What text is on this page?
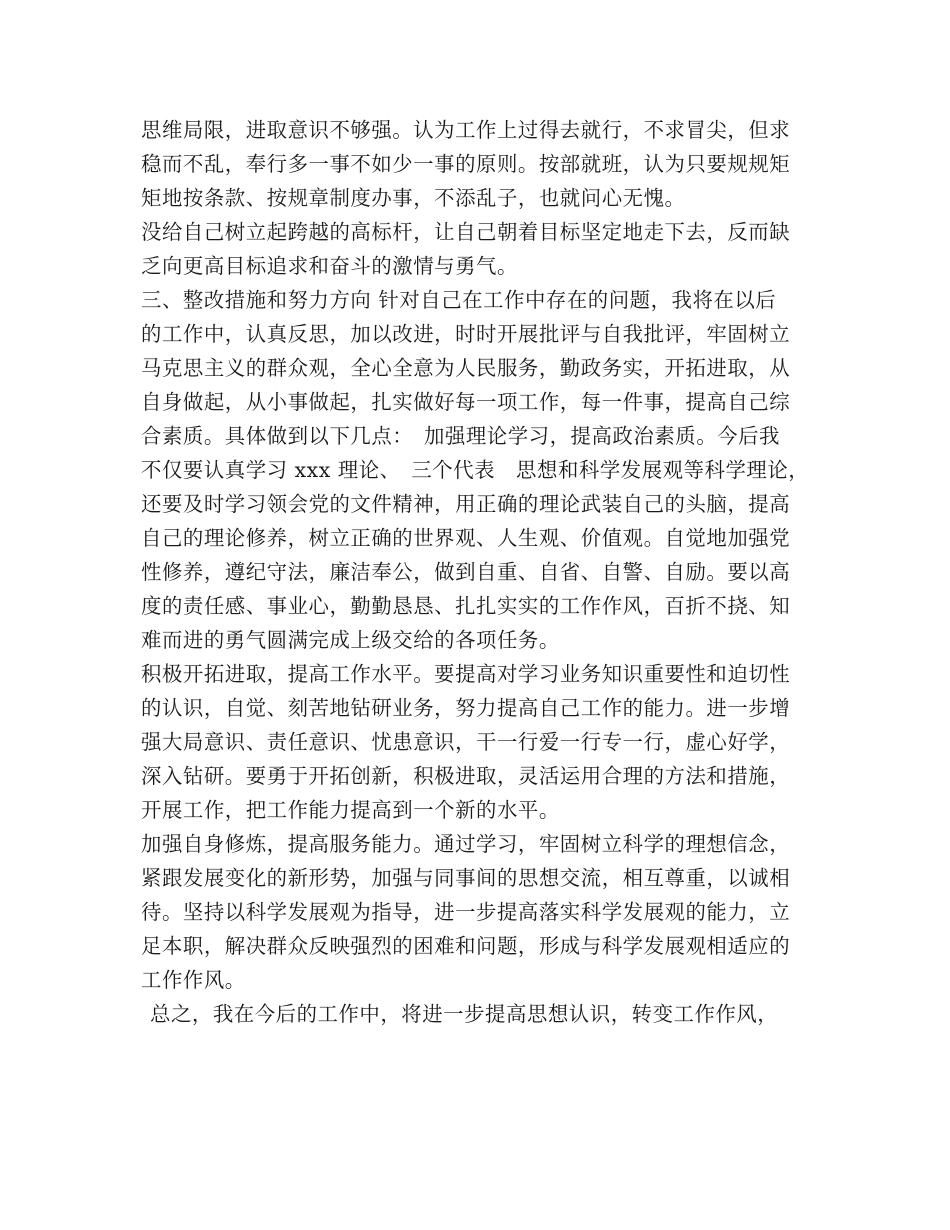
思维局限，进取意识不够强。认为工作上过得去就行，不求冒尖，但求
稳而不乱，奉行多一事不如少一事的原则。按部就班，认为只要规规矩
矩地按条款、按规章制度办事，不添乱子，也就问心无愧。
没给自己树立起跨越的高标杆，让自己朝着目标坚定地走下去，反而缺
乏向更高目标追求和奋斗的激情与勇气。
三、整改措施和努力方向 针对自己在工作中存在的问题，我将在以后
的工作中，认真反思，加以改进，时时开展批评与自我批评，牢固树立
马克思主义的群众观，全心全意为人民服务，勤政务实，开拓进取，从
自身做起，从小事做起，扎实做好每一项工作，每一件事，提高自己综
合素质。具体做到以下几点：　加强理论学习，提高政治素质。今后我
不仅要认真学习 xxx 理论、　三个代表　思想和科学发展观等科学理论，
还要及时学习领会党的文件精神，用正确的理论武装自己的头脑，提高
自己的理论修养，树立正确的世界观、人生观、价值观。自觉地加强党
性修养，遵纪守法，廉洁奉公，做到自重、自省、自警、自励。要以高
度的责任感、事业心，勤勤恳恳、扎扎实实的工作作风，百折不挠、知
难而进的勇气圆满完成上级交给的各项任务。
积极开拓进取，提高工作水平。要提高对学习业务知识重要性和迫切性
的认识，自觉、刻苦地钻研业务，努力提高自己工作的能力。进一步增
强大局意识、责任意识、忧患意识，干一行爱一行专一行，虚心好学，
深入钻研。要勇于开拓创新，积极进取，灵活运用合理的方法和措施，
开展工作，把工作能力提高到一个新的水平。
加强自身修炼，提高服务能力。通过学习，牢固树立科学的理想信念，
紧跟发展变化的新形势，加强与同事间的思想交流，相互尊重，以诚相
待。坚持以科学发展观为指导，进一步提高落实科学发展观的能力，立
足本职，解决群众反映强烈的困难和问题，形成与科学发展观相适应的
工作作风。
总之，我在今后的工作中，将进一步提高思想认识，转变工作作风，
